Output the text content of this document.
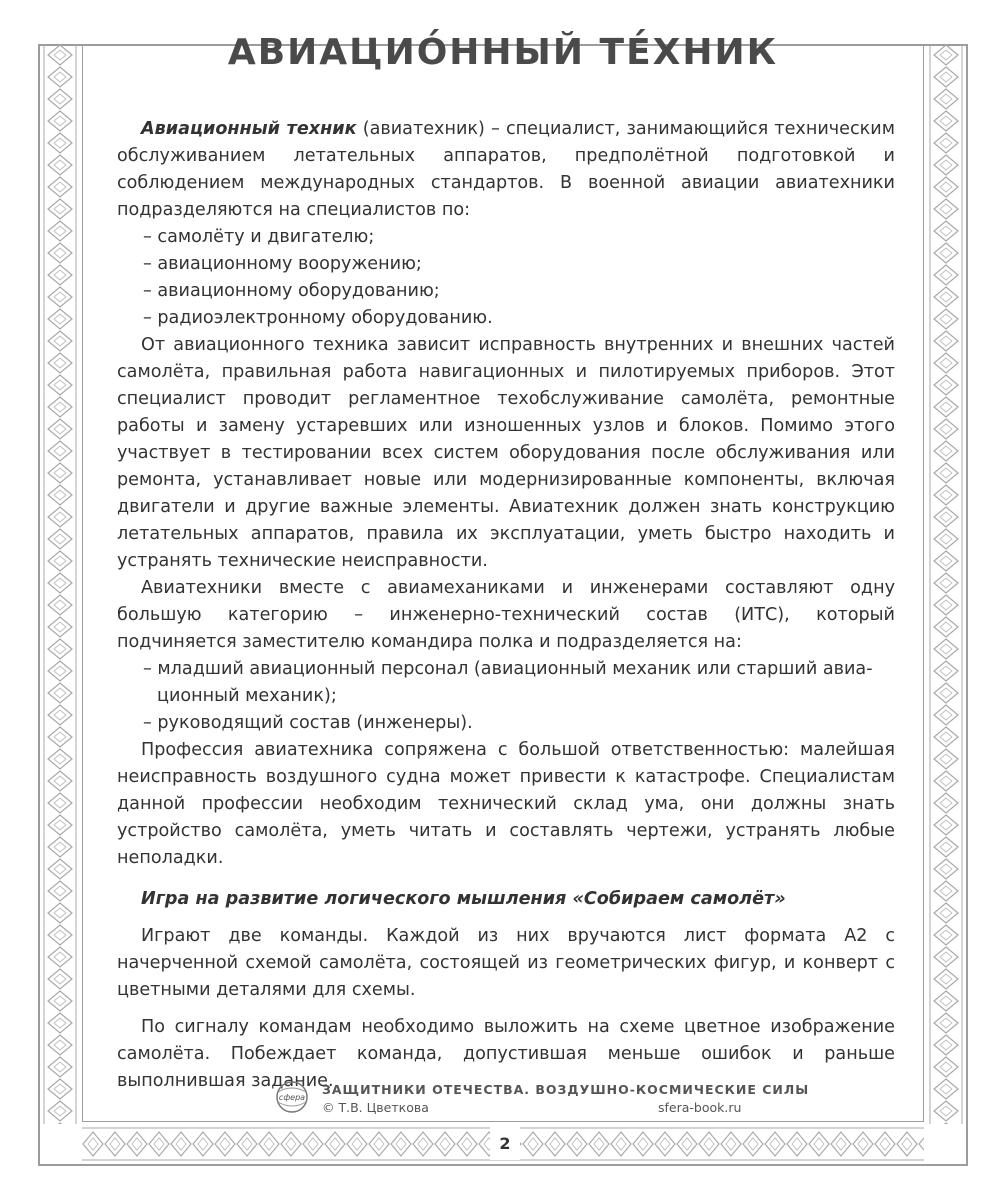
2
АВИАЦИО́ННЫЙ ТЕ́ХНИК

Авиационный техник (авиатехник) – специалист, занимающийся техническим обслуживанием летательных аппаратов, предполётной подготовкой и соблюдением международных стандартов. В военной авиации авиатехники подразделяются на специалистов по:

– самолёту и двигателю;

– авиационному вооружению;

– авиационному оборудованию;

– радиоэлектронному оборудованию.

От авиационного техника зависит исправность внутренних и внешних частей самолёта, правильная работа навигационных и пилотируемых приборов. Этот специалист проводит регламентное техобслуживание самолёта, ремонтные работы и замену устаревших или изношенных узлов и блоков. Помимо этого участвует в тестировании всех систем оборудования после обслуживания или ремонта, устанавливает новые или модернизированные компоненты, включая двигатели и другие важные элементы. Авиатехник должен знать конструкцию летательных аппаратов, правила их эксплуатации, уметь быстро находить и устранять технические неисправности.

Авиатехники вместе с авиамеханиками и инженерами составляют одну большую категорию – инженерно-технический состав (ИТС), который подчиняется заместителю командира полка и подразделяется на:

– младший авиационный персонал (авиационный механик или старший авиа-

ционный механик);

– руководящий состав (инженеры).

Профессия авиатехника сопряжена с большой ответственностью: малейшая неисправность воздушного судна может привести к катастрофе. Специалистам данной профессии необходим технический склад ума, они должны знать устройство самолёта, уметь читать и составлять чертежи, устранять любые неполадки.

Игра на развитие логического мышления «Собираем самолёт»

Играют две команды. Каждой из них вручаются лист формата А2 с начерченной схемой самолёта, состоящей из геометрических фигур, и конверт с цветными деталями для схемы.

По сигналу командам необходимо выложить на схеме цветное изображение самолёта. Побеждает команда, допустившая меньше ошибок и раньше выполнившая задание.

сфера
ЗАЩИТНИКИ ОТЕЧЕСТВА. ВОЗДУШНО-КОСМИЧЕСКИЕ СИЛЫ
© Т.В. Цветкова	sfera-book.ru
